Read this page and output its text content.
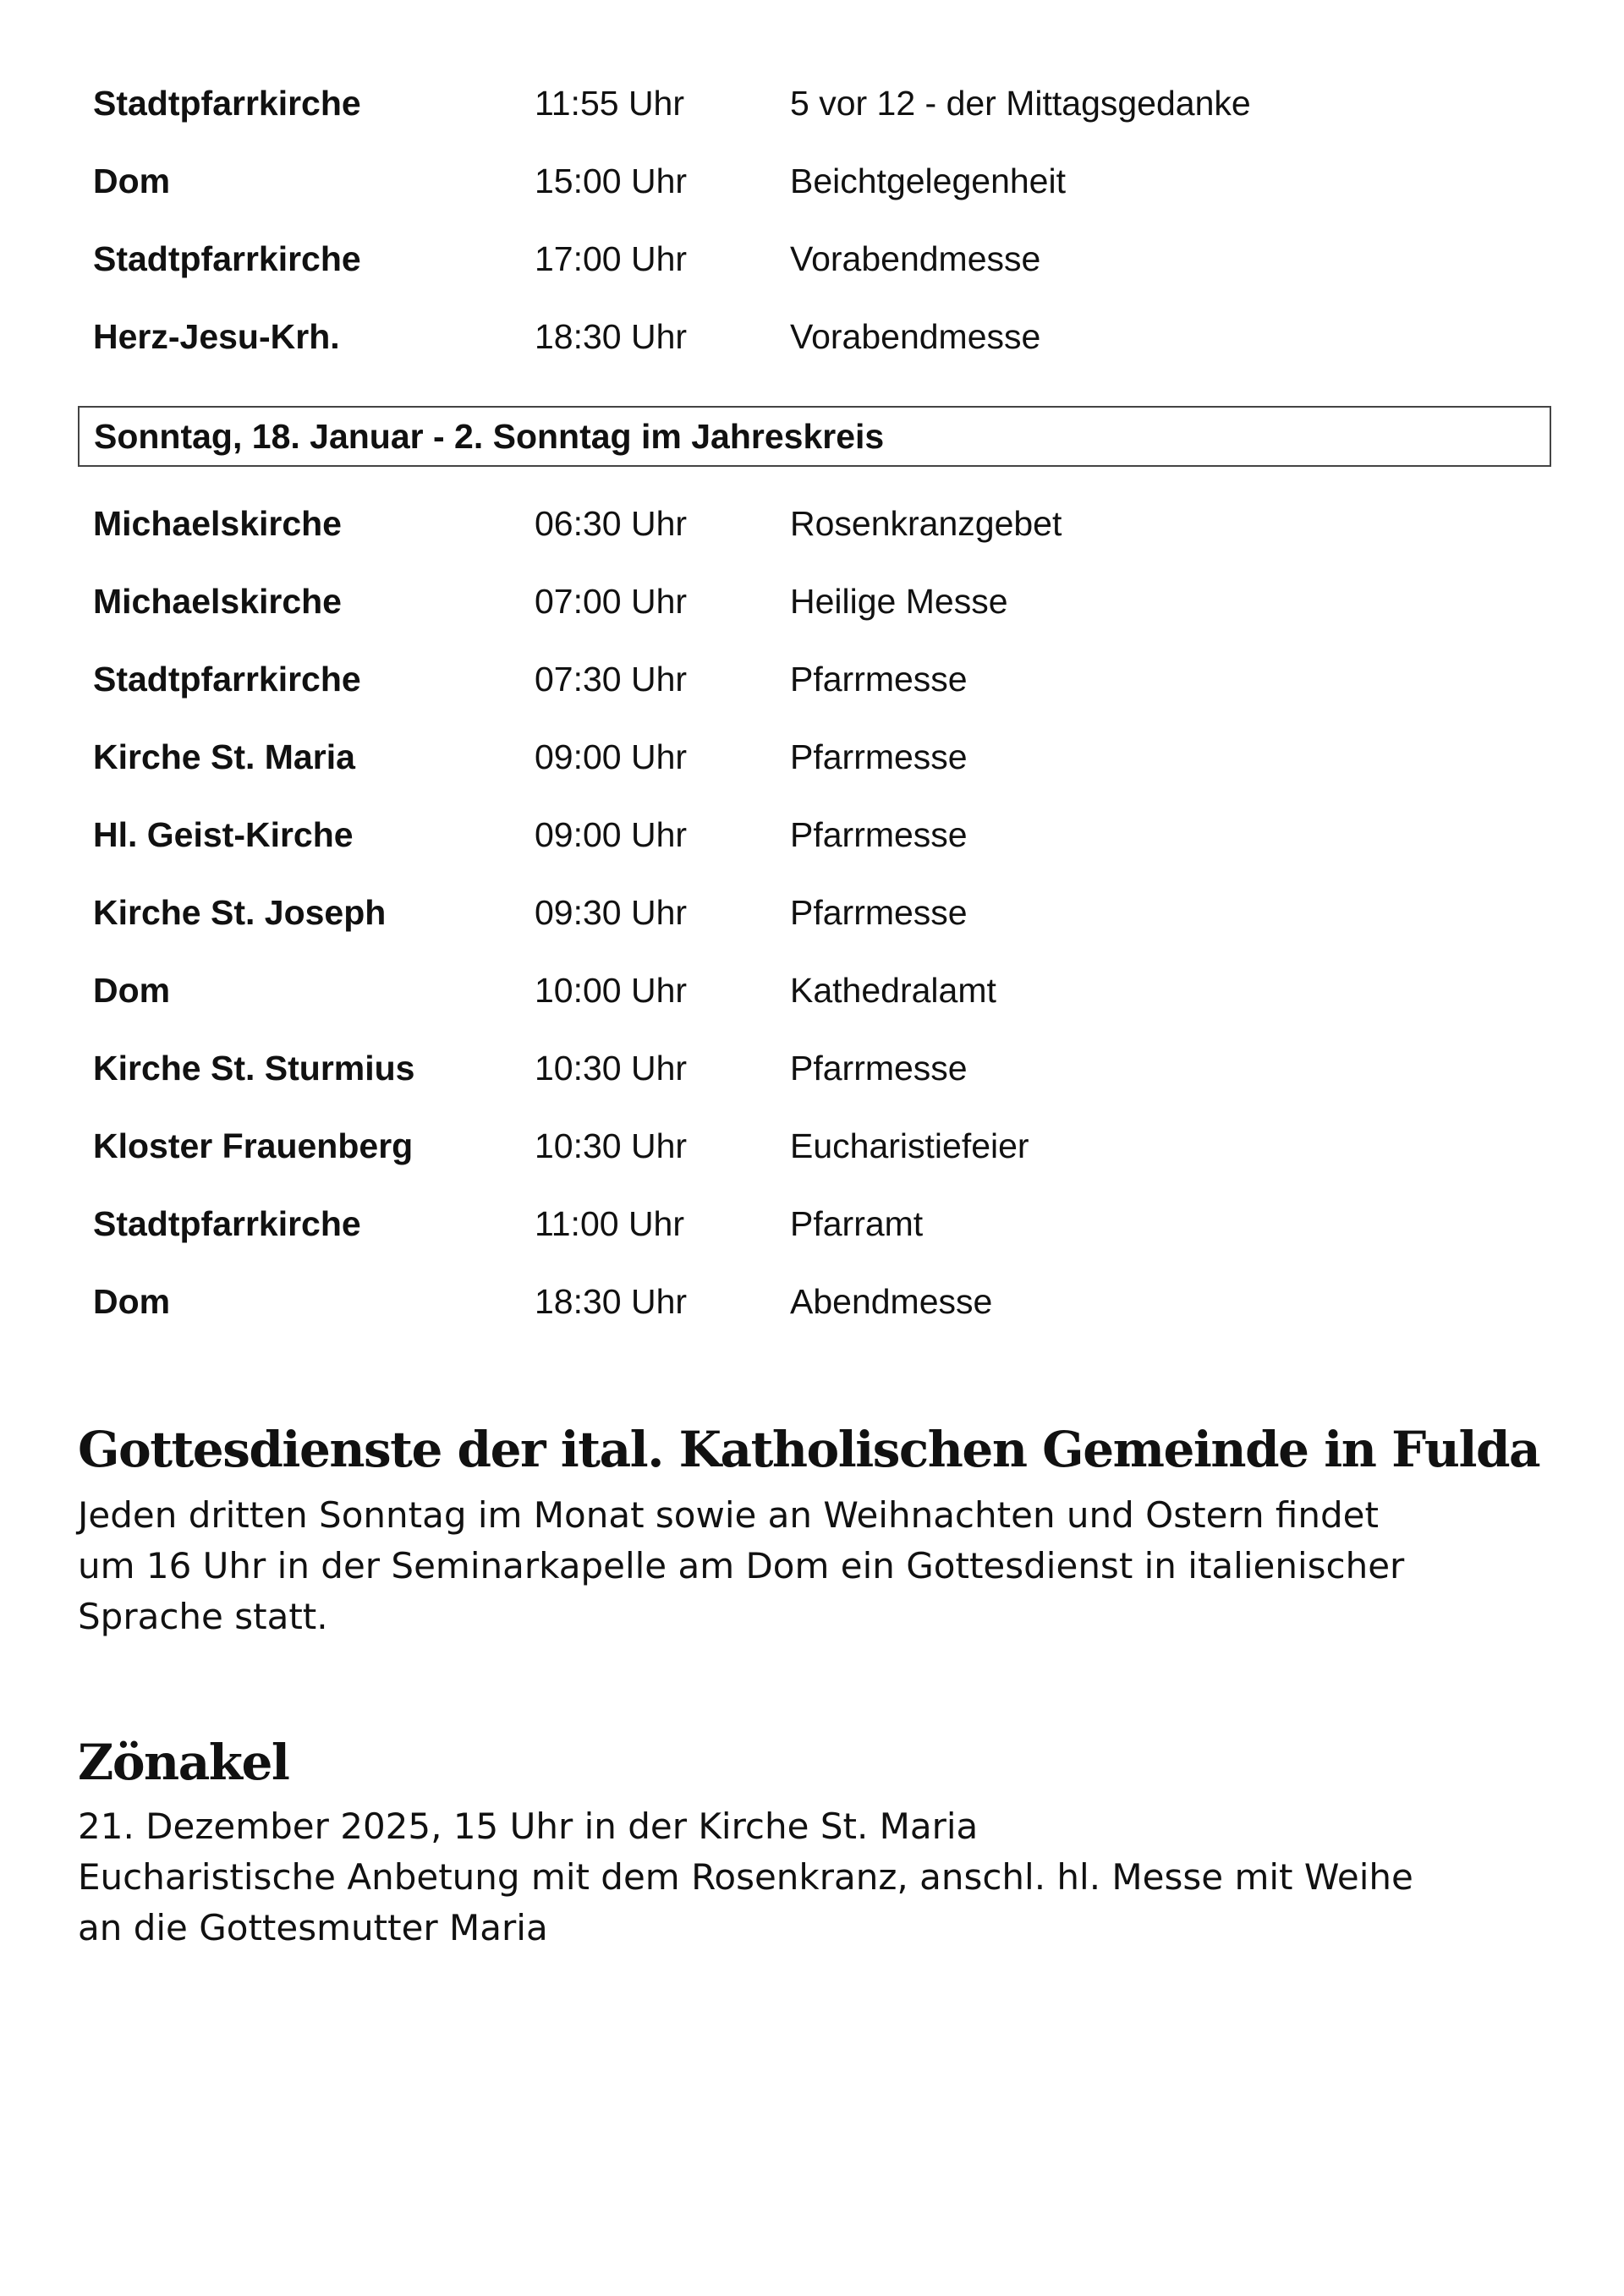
Stadtpfarrkirche	11:55 Uhr	5 vor 12 - der Mittagsgedanke
Dom	15:00 Uhr	Beichtgelegenheit
Stadtpfarrkirche	17:00 Uhr	Vorabendmesse
Herz-Jesu-Krh.	18:30 Uhr	Vorabendmesse
Sonntag, 18. Januar - 2. Sonntag im Jahreskreis
Michaelskirche	06:30 Uhr	Rosenkranzgebet
Michaelskirche	07:00 Uhr	Heilige Messe
Stadtpfarrkirche	07:30 Uhr	Pfarrmesse
Kirche St. Maria	09:00 Uhr	Pfarrmesse
Hl. Geist-Kirche	09:00 Uhr	Pfarrmesse
Kirche St. Joseph	09:30 Uhr	Pfarrmesse
Dom	10:00 Uhr	Kathedralamt
Kirche St. Sturmius	10:30 Uhr	Pfarrmesse
Kloster Frauenberg	10:30 Uhr	Eucharistiefeier
Stadtpfarrkirche	11:00 Uhr	Pfarramt
Dom	18:30 Uhr	Abendmesse
Gottesdienste der ital. Katholischen Gemeinde in Fulda

Jeden dritten Sonntag im Monat sowie an Weihnachten und Ostern findet
um 16 Uhr in der Seminarkapelle am Dom ein Gottesdienst in italienischer
Sprache statt.

Zönakel

21. Dezember 2025, 15 Uhr in der Kirche St. Maria
Eucharistische Anbetung mit dem Rosenkranz, anschl. hl. Messe mit Weihe
an die Gottesmutter Maria
